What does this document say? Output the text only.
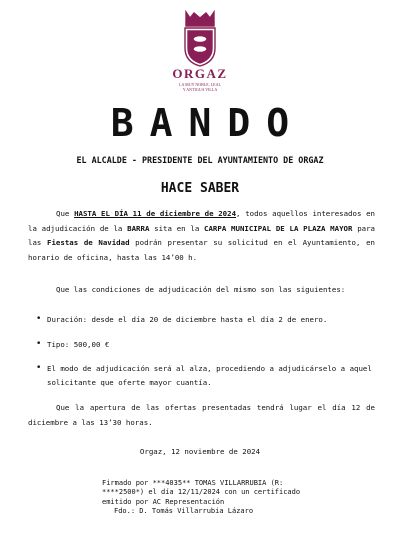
ORGAZ
LA MUY NOBLE, LEAL
Y ANTIGUA VILLA
BANDO
EL ALCALDE - PRESIDENTE DEL AYUNTAMIENTO DE ORGAZ
HACE SABER
Que HASTA EL DÍA 11 de diciembre de 2024, todos aquellos interesados en la adjudicación de la BARRA sita en la CARPA MUNICIPAL DE LA PLAZA MAYOR para las Fiestas de Navidad podrán presentar su solicitud en el Ayuntamiento, en horario de oficina, hasta las 14’00 h.
Que las condiciones de adjudicación del mismo son las siguientes:
• Duración: desde el día 20 de diciembre hasta el día 2 de enero.
• Tipo: 500,00 €
• El modo de adjudicación será al alza, procediendo a adjudicárselo a aquel solicitante que oferte mayor cuantía.
Que la apertura de las ofertas presentadas tendrá lugar el día 12 de diciembre a las 13’30 horas.
Orgaz, 12 noviembre de 2024
Firmado por ***4035** TOMAS VILLARRUBIA (R:
****2500*) el día 12/11/2024 con un certificado
emitido por AC Representación
Fdo.: D. Tomás Villarrubia Lázaro
